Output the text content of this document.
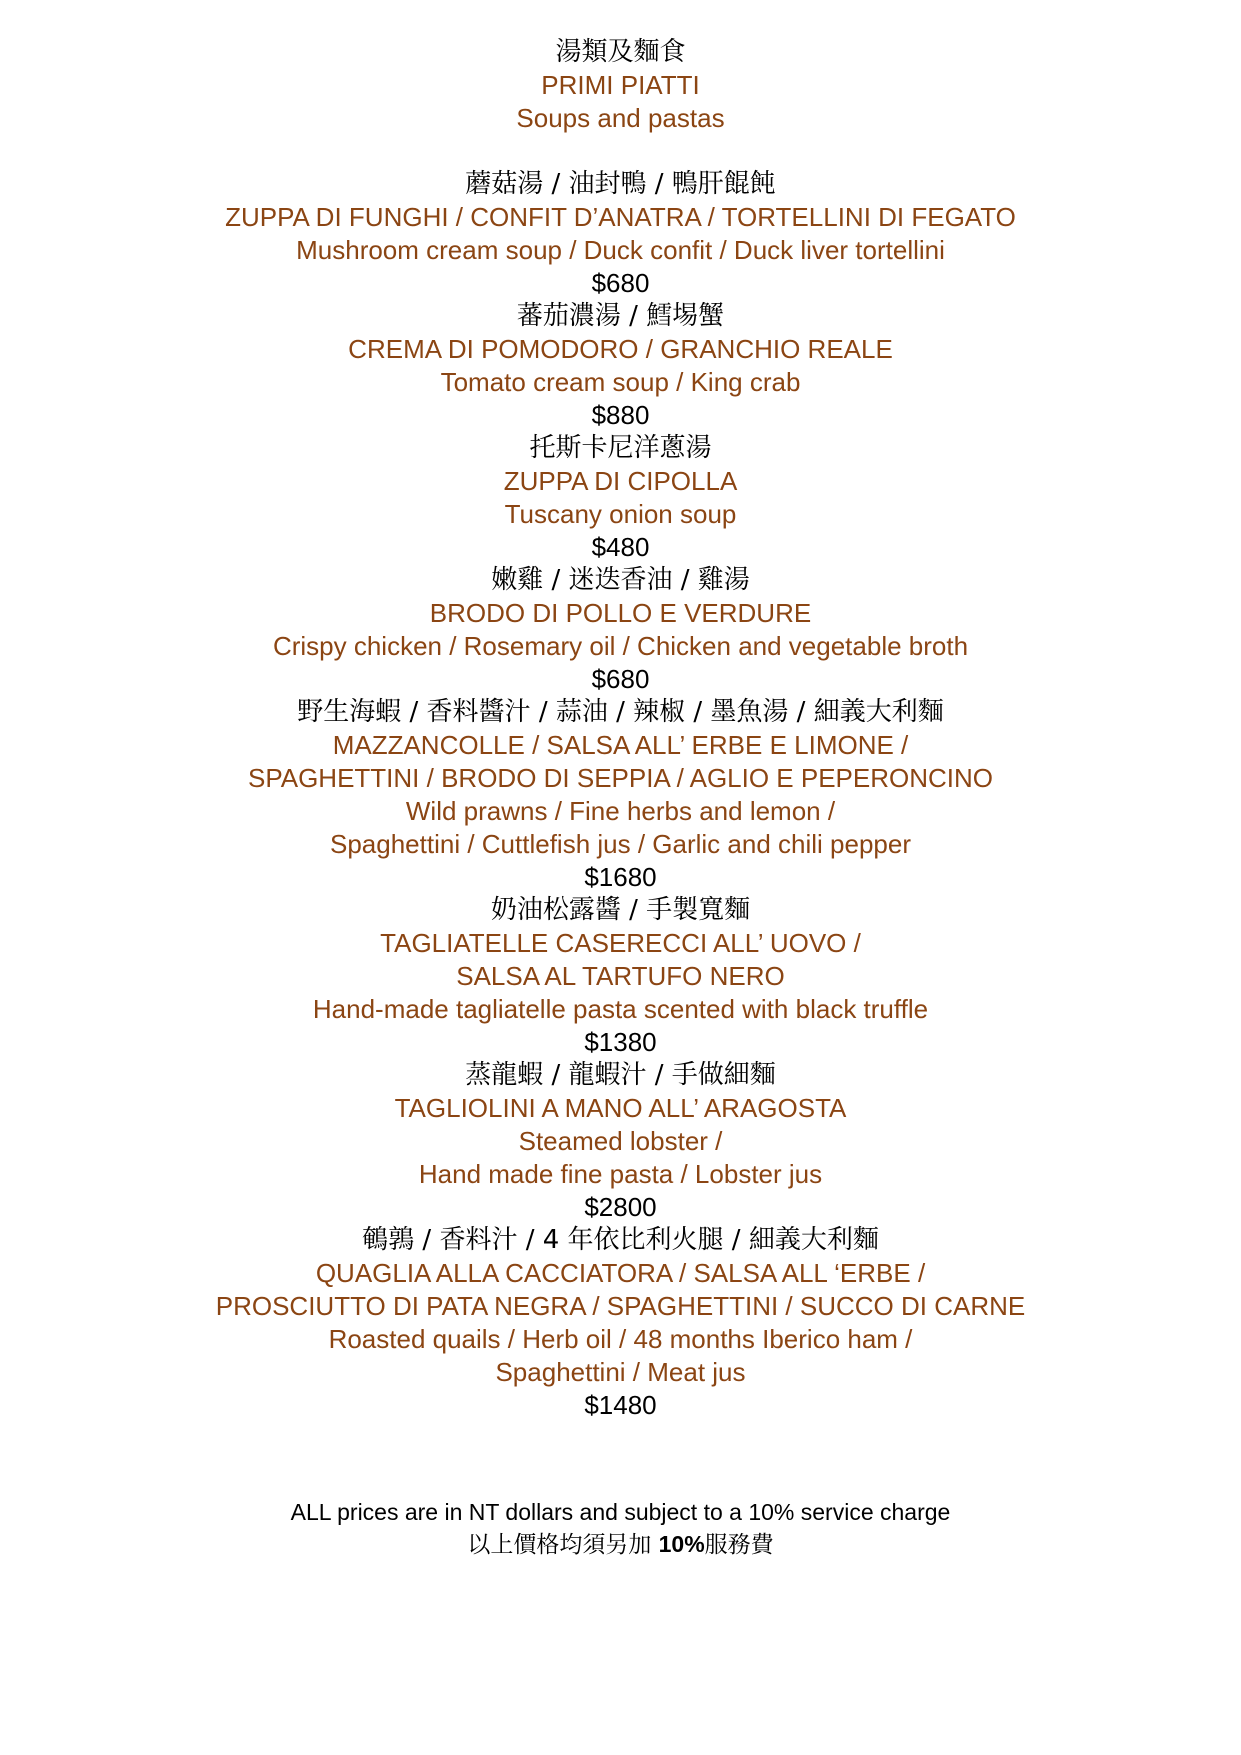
湯類及麵食
PRIMI PIATTI
Soups and pastas
蘑菇湯 / 油封鴨 / 鴨肝餛飩
ZUPPA DI FUNGHI / CONFIT D’ANATRA / TORTELLINI DI FEGATO
Mushroom cream soup / Duck confit / Duck liver tortellini
$680
蕃茄濃湯 / 鱈埸蟹
CREMA DI POMODORO / GRANCHIO REALE
Tomato cream soup / King crab
$880
托斯卡尼洋蔥湯
ZUPPA DI CIPOLLA
Tuscany onion soup
$480
嫩雞 / 迷迭香油 / 雞湯
BRODO DI POLLO E VERDURE
Crispy chicken / Rosemary oil / Chicken and vegetable broth
$680
野生海蝦 / 香料醬汁 / 蒜油 / 辣椒 / 墨魚湯 / 細義大利麵
MAZZANCOLLE / SALSA ALL’ ERBE E LIMONE /
SPAGHETTINI / BRODO DI SEPPIA / AGLIO E PEPERONCINO
Wild prawns / Fine herbs and lemon /
Spaghettini / Cuttlefish jus / Garlic and chili pepper
$1680
奶油松露醬 / 手製寬麵
TAGLIATELLE CASERECCI ALL’ UOVO /
SALSA AL TARTUFO NERO
Hand-made tagliatelle pasta scented with black truffle
$1380
蒸龍蝦 / 龍蝦汁 / 手做細麵
TAGLIOLINI A MANO ALL’ ARAGOSTA
Steamed lobster /
Hand made fine pasta / Lobster jus
$2800
鵪鶉 / 香料汁 / 4 年依比利火腿 / 細義大利麵
QUAGLIA ALLA CACCIATORA / SALSA ALL ‘ERBE /
PROSCIUTTO DI PATA NEGRA / SPAGHETTINI / SUCCO DI CARNE
Roasted quails / Herb oil / 48 months Iberico ham /
Spaghettini / Meat jus
$1480
ALL prices are in NT dollars and subject to a 10% service charge
以上價格均須另加 10%服務費
